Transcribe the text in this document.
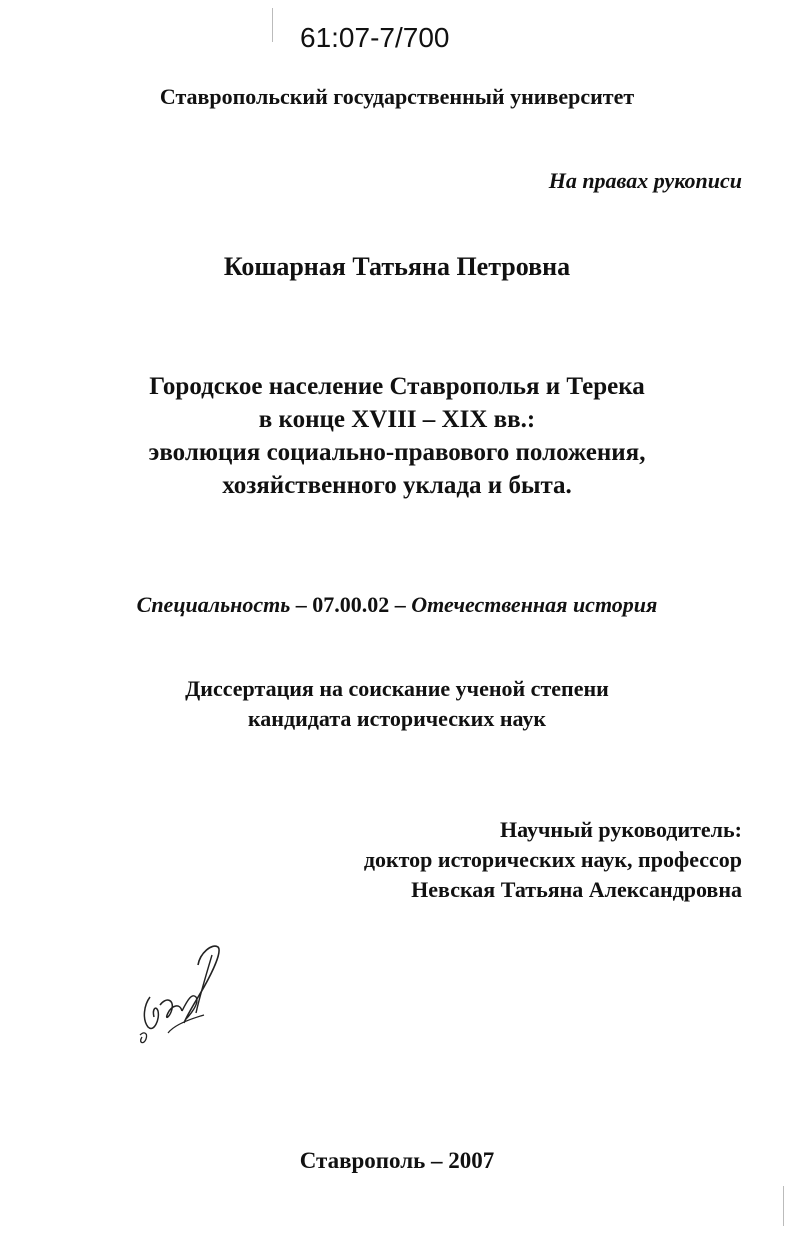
61:07-7/700
Ставропольский государственный университет
На правах рукописи
Кошарная Татьяна Петровна
Городское население Ставрополья и Терека
в конце XVIII – XIX вв.:
эволюция социально-правового положения,
хозяйственного уклада и быта.
Специальность – 07.00.02 – Отечественная история
Диссертация на соискание ученой степени
кандидата исторических наук
Научный руководитель:
доктор исторических наук, профессор
Невская Татьяна Александровна
Ставрополь – 2007
